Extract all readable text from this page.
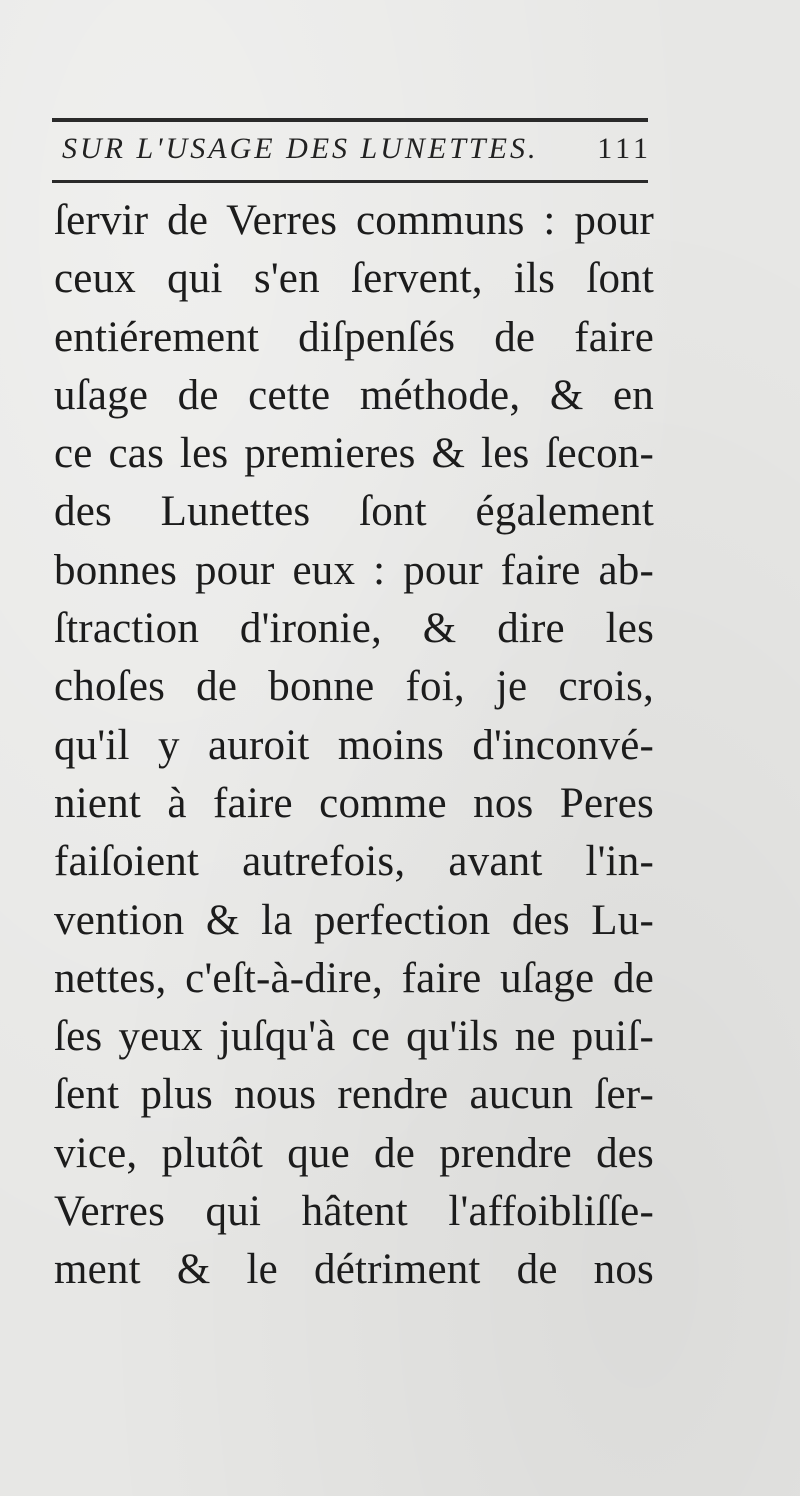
SUR L'USAGE DES LUNETTES. 111
ſervir de Verres communs : pour
ceux qui s'en ſervent, ils ſont
entiérement diſpenſés de faire
uſage de cette méthode, & en
ce cas les premieres & les ſecon-
des Lunettes ſont également
bonnes pour eux : pour faire ab-
ſtraction d'ironie, & dire les
choſes de bonne foi, je crois,
qu'il y auroit moins d'inconvé-
nient à faire comme nos Peres
faiſoient autrefois, avant l'in-
vention & la perfection des Lu-
nettes, c'eſt-à-dire, faire uſage de
ſes yeux juſqu'à ce qu'ils ne puiſ-
ſent plus nous rendre aucun ſer-
vice, plutôt que de prendre des
Verres qui hâtent l'affoibliſſe-
ment & le détriment de nos
